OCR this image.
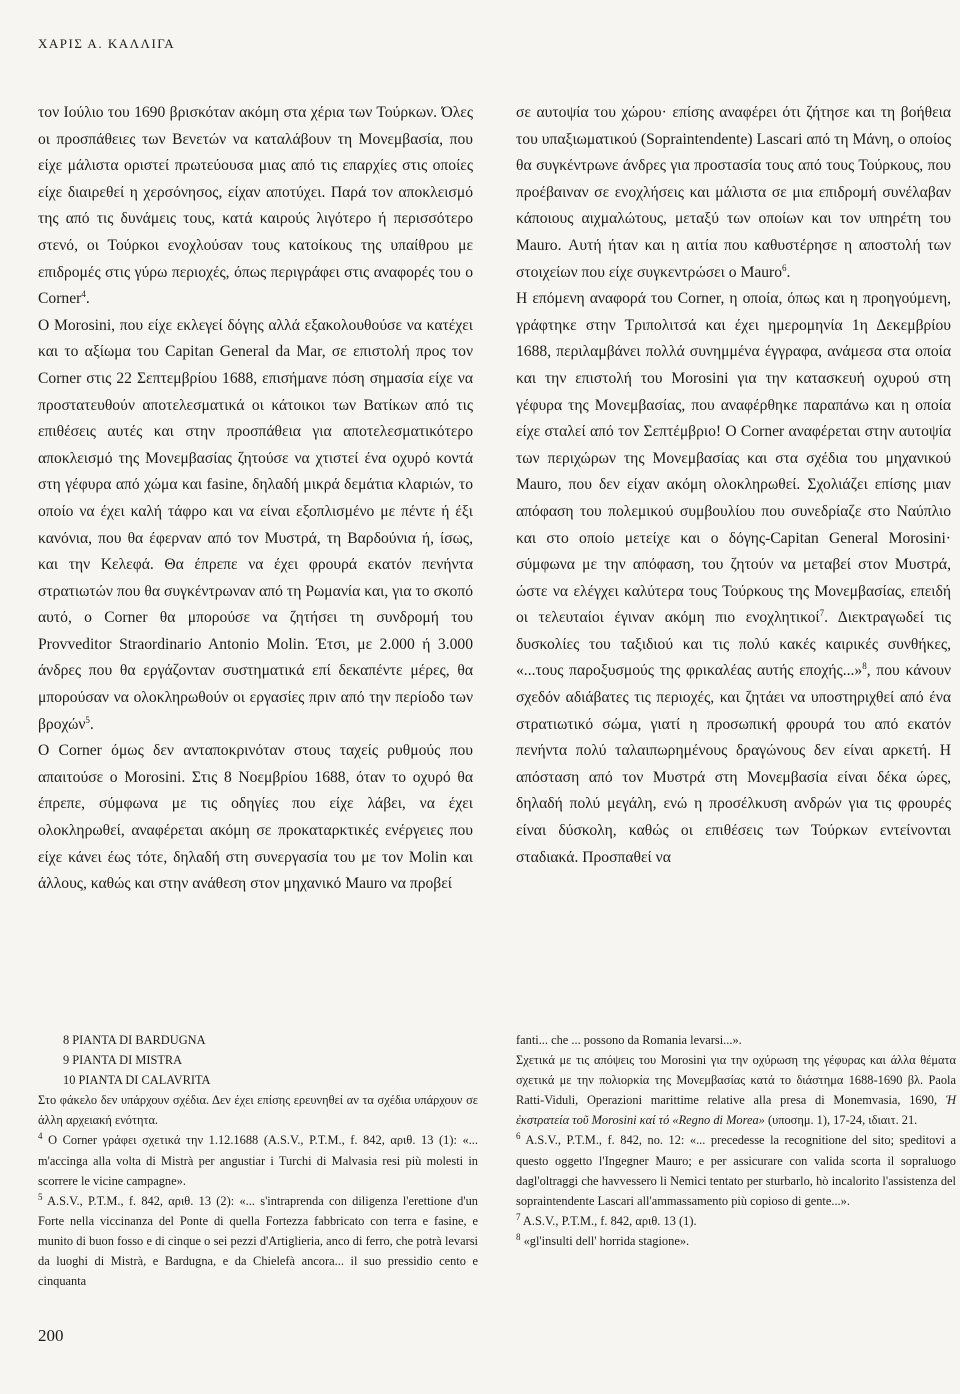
ΧΑΡΙΣ Α. ΚΑΛΛΙΓΑ

τον Ιούλιο του 1690 βρισκόταν ακόμη στα χέρια των Τούρκων. Όλες οι προσπάθειες των Βενετών να καταλάβουν τη Μονεμβασία, που είχε μάλιστα οριστεί πρωτεύουσα μιας από τις επαρχίες στις οποίες είχε διαιρεθεί η χερσόνησος, είχαν αποτύχει. Παρά τον αποκλεισμό της από τις δυνάμεις τους, κατά καιρούς λιγότερο ή περισσότερο στενό, οι Τούρκοι ενοχλούσαν τους κατοίκους της υπαίθρου με επιδρομές στις γύρω περιοχές, όπως περιγράφει στις αναφορές του ο Corner$^4$.

O Morosini, που είχε εκλεγεί δόγης αλλά εξακολουθούσε να κατέχει και το αξίωμα του Capitan General da Mar, σε επιστολή προς τον Corner στις 22 Σεπτεμβρίου 1688, επισήμανε πόση σημασία είχε να προστατευθούν αποτελεσματικά οι κάτοικοι των Βατίκων από τις επιθέσεις αυτές και στην προσπάθεια για αποτελεσματικότερο αποκλεισμό της Μονεμβασίας ζητούσε να χτιστεί ένα οχυρό κοντά στη γέφυρα από χώμα και fasine, δηλαδή μικρά δεμάτια κλαριών, το οποίο να έχει καλή τάφρο και να είναι εξοπλισμένο με πέντε ή έξι κανόνια, που θα έφερναν από τον Μυστρά, τη Βαρδούνια ή, ίσως, και την Κελεφά. Θα έπρεπε να έχει φρουρά εκατόν πενήντα στρατιωτών που θα συγκέντρωναν από τη Ρωμανία και, για το σκοπό αυτό, ο Corner θα μπορούσε να ζητήσει τη συνδρομή του Provveditor Straordinario Antonio Molin. Έτσι, με 2.000 ή 3.000 άνδρες που θα εργάζονταν συστηματικά επί δεκαπέντε μέρες, θα μπορούσαν να ολοκληρωθούν οι εργασίες πριν από την περίοδο των βροχών$^5$.

O Corner όμως δεν ανταποκρινόταν στους ταχείς ρυθμούς που απαιτούσε ο Morosini. Στις 8 Νοεμβρίου 1688, όταν το οχυρό θα έπρεπε, σύμφωνα με τις οδηγίες που είχε λάβει, να έχει ολοκληρωθεί, αναφέρεται ακόμη σε προκαταρκτικές ενέργειες που είχε κάνει έως τότε, δηλαδή στη συνεργασία του με τον Molin και άλλους, καθώς και στην ανάθεση στον μηχανικό Mauro να προβεί

σε αυτοψία του χώρου· επίσης αναφέρει ότι ζήτησε και τη βοήθεια του υπαξιωματικού (Sopraintendente) Lascari από τη Μάνη, ο οποίος θα συγκέντρωνε άνδρες για προστασία τους από τους Τούρκους, που προέβαιναν σε ενοχλήσεις και μάλιστα σε μια επιδρομή συνέλαβαν κάποιους αιχμαλώτους, μεταξύ των οποίων και τον υπηρέτη του Mauro. Αυτή ήταν και η αιτία που καθυστέρησε η αποστολή των στοιχείων που είχε συγκεντρώσει ο Mauro$^6$.

Η επόμενη αναφορά του Corner, η οποία, όπως και η προηγούμενη, γράφτηκε στην Τριπολιτσά και έχει ημερομηνία 1η Δεκεμβρίου 1688, περιλαμβάνει πολλά συνημμένα έγγραφα, ανάμεσα στα οποία και την επιστολή του Morosini για την κατασκευή οχυρού στη γέφυρα της Μονεμβασίας, που αναφέρθηκε παραπάνω και η οποία είχε σταλεί από τον Σεπτέμβριο! Ο Corner αναφέρεται στην αυτοψία των περιχώρων της Μονεμβασίας και στα σχέδια του μηχανικού Mauro, που δεν είχαν ακόμη ολοκληρωθεί. Σχολιάζει επίσης μιαν απόφαση του πολεμικού συμβουλίου που συνεδρίαζε στο Ναύπλιο και στο οποίο μετείχε και ο δόγης-Capitan General Morosini· σύμφωνα με την απόφαση, του ζητούν να μεταβεί στον Μυστρά, ώστε να ελέγχει καλύτερα τους Τούρκους της Μονεμβασίας, επειδή οι τελευταίοι έγιναν ακόμη πιο ενοχλητικοί$^7$. Διεκτραγωδεί τις δυσκολίες του ταξιδιού και τις πολύ κακές καιρικές συνθήκες, «...τους παροξυσμούς της φρικαλέας αυτής εποχής...»$^8$, που κάνουν σχεδόν αδιάβατες τις περιοχές, και ζητάει να υποστηριχθεί από ένα στρατιωτικό σώμα, γιατί η προσωπική φρουρά του από εκατόν πενήντα πολύ ταλαιπωρημένους δραγώνους δεν είναι αρκετή. Η απόσταση από τον Μυστρά στη Μονεμβασία είναι δέκα ώρες, δηλαδή πολύ μεγάλη, ενώ η προσέλκυση ανδρών για τις φρουρές είναι δύσκολη, καθώς οι επιθέσεις των Τούρκων εντείνονται σταδιακά. Προσπαθεί να

8 PIANTA DI BARDUGNA
9 PIANTA DI MISTRA
10 PIANTA DI CALAVRITA

Στο φάκελο δεν υπάρχουν σχέδια. Δεν έχει επίσης ερευνηθεί αν τα σχέδια υπάρχουν σε άλλη αρχειακή ενότητα.

$^4$ O Corner γράφει σχετικά την 1.12.1688 (A.S.V., P.T.M., f. 842, αριθ. 13 (1): «... m'accinga alla volta di Mistrà per angustiar i Turchi di Malvasia resi più molesti in scorrere le vicine campagne».

$^5$ A.S.V., P.T.M., f. 842, αριθ. 13 (2): «... s'intraprenda con diligenza l'erettione d'un Forte nella viccinanza del Ponte di quella Fortezza fabbricato con terra e fasine, e munito di buon fosso e di cinque o sei pezzi d'Artiglieria, anco di ferro, che potrà levarsi da luoghi di Mistrà, e Bardugna, e da Chielefà ancora... il suo pressidio cento e cinquanta

fanti... che ... possono da Romania levarsi...».

Σχετικά με τις απόψεις του Morosini για την οχύρωση της γέφυρας και άλλα θέματα σχετικά με την πολιορκία της Μονεμβασίας κατά το διάστημα 1688-1690 βλ. Paola Ratti-Viduli, Operazioni marittime relative alla presa di Monemvasia, 1690, Ἡ ἐκστρατεία τοῦ Morosini καί τό «Regno di Morea» (υποσημ. 1), 17-24, ιδιαιτ. 21.

$^6$ A.S.V., P.T.M., f. 842, no. 12: «... precedesse la recognitione del sito; speditovi a questo oggetto l'Ingegner Mauro; e per assicurare con valida scorta il sopraluogo dagl'oltraggi che havvessero li Nemici tentato per sturbarlo, hò incalorito l'assistenza del sopraintendente Lascari all'ammassamento più copioso di gente...».

$^7$ A.S.V., P.T.M., f. 842, αριθ. 13 (1).

$^8$ «gl'insulti dell' horrida stagione».

200
